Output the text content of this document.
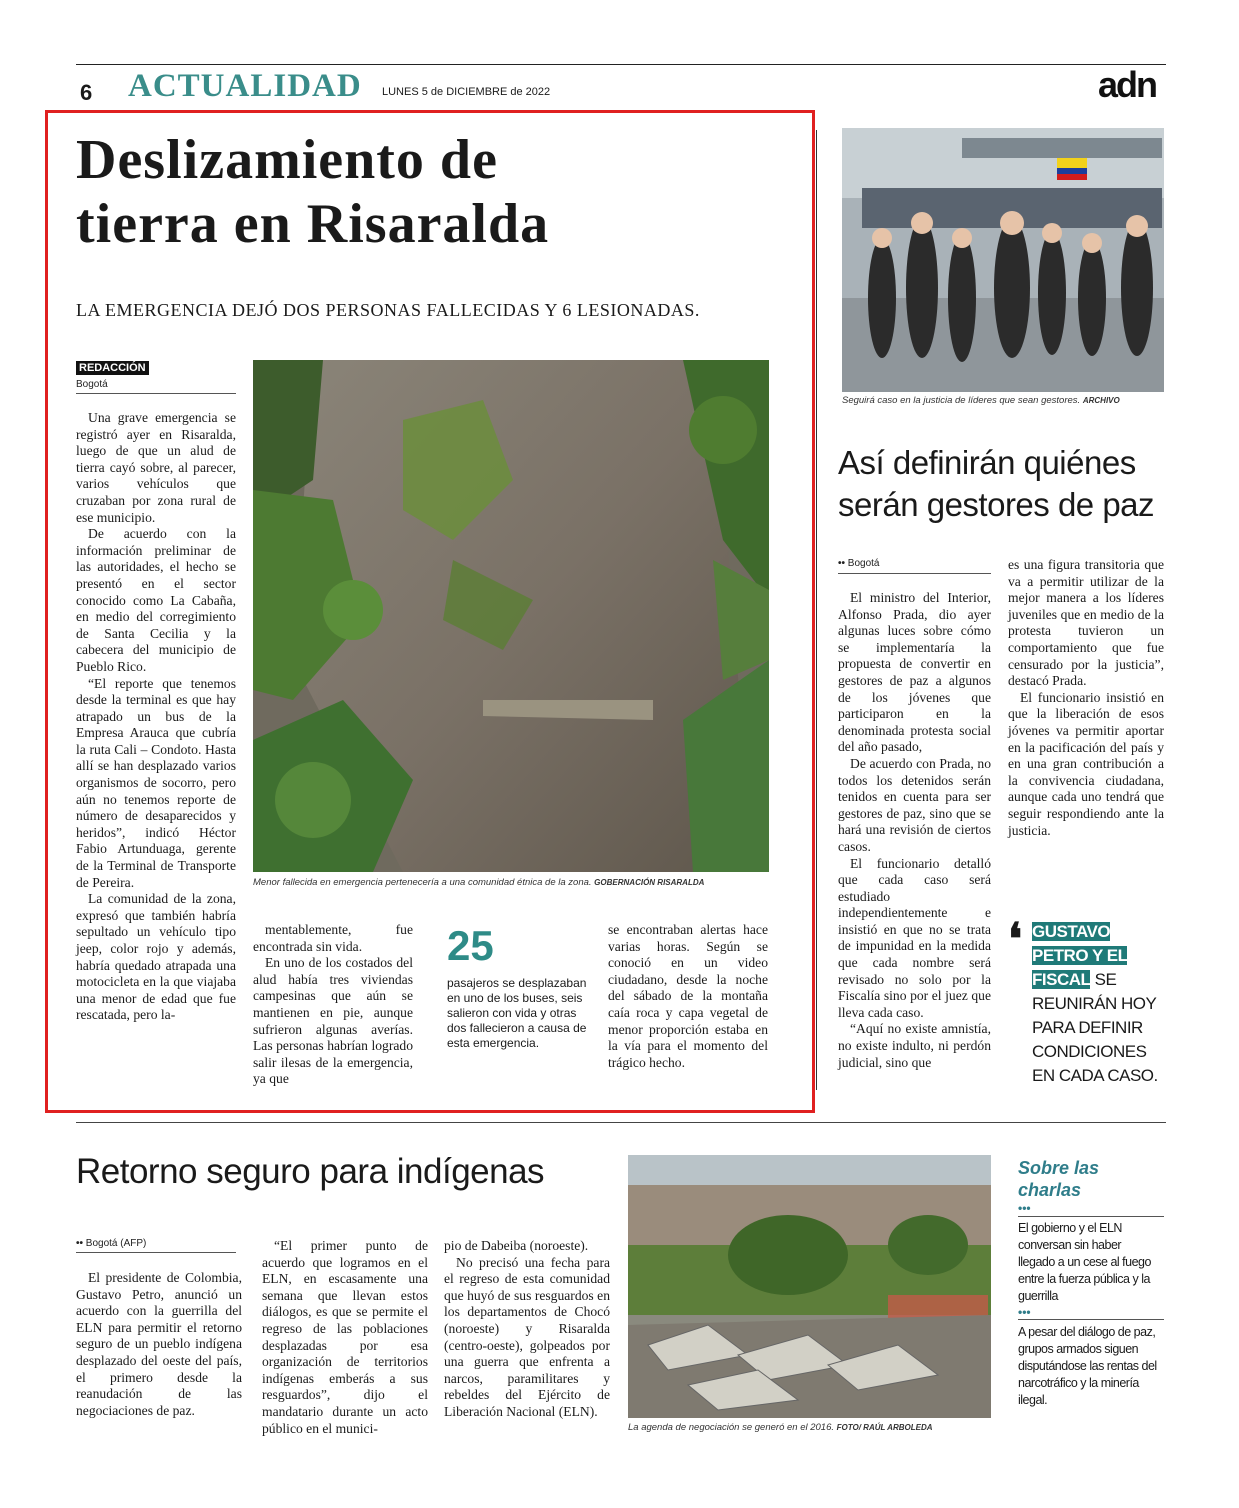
6 ACTUALIDAD LUNES 5 de DICIEMBRE de 2022	adn
Deslizamiento de
tierra en Risaralda
LA EMERGENCIA DEJÓ DOS PERSONAS FALLECIDAS Y 6 LESIONADAS.
REDACCIÓN
Bogotá

Una grave emergencia se registró ayer en Risaralda, luego de que un alud de tierra cayó sobre, al parecer, varios vehículos que cruzaban por zona rural de ese municipio.

De acuerdo con la información preliminar de las autoridades, el hecho se presentó en el sector conocido como La Cabaña, en medio del corregimiento de Santa Cecilia y la cabecera del municipio de Pueblo Rico.

“El reporte que tenemos desde la terminal es que hay atrapado un bus de la Empresa Arauca que cubría la ruta Cali – Condoto. Hasta allí se han desplazado varios organismos de socorro, pero aún no tenemos reporte de número de desaparecidos y heridos”, indicó Héctor Fabio Artunduaga, gerente de la Terminal de Transporte de Pereira.

La comunidad de la zona, expresó que también habría sepultado un vehículo tipo jeep, color rojo y además, habría quedado atrapada una motocicleta en la que viajaba una menor de edad que fue rescatada, pero la-

Menor fallecida en emergencia pertenecería a una comunidad étnica de la zona. GOBERNACIÓN RISARALDA

mentablemente, fue encontrada sin vida.

En uno de los costados del alud había tres viviendas campesinas que aún se mantienen en pie, aunque sufrieron algunas averías. Las personas habrían logrado salir ilesas de la emergencia, ya que

25
pasajeros se desplazaban en uno de los buses, seis salieron con vida y otras dos fallecieron a causa de esta emergencia.

se encontraban alertas hace varias horas. Según se conoció en un video ciudadano, desde la noche del sábado de la montaña caía roca y capa vegetal de menor proporción estaba en la vía para el momento del trágico hecho.

Seguirá caso en la justicia de líderes que sean gestores. ARCHIVO
Así definirán quiénes
serán gestores de paz
•• Bogotá

El ministro del Interior, Alfonso Prada, dio ayer algunas luces sobre cómo se implementaría la propuesta de convertir en gestores de paz a algunos de los jóvenes que participaron en la denominada protesta social del año pasado,

De acuerdo con Prada, no todos los detenidos serán tenidos en cuenta para ser gestores de paz, sino que se hará una revisión de ciertos casos.

El funcionario detalló que cada caso será estudiado independientemente e insistió en que no se trata de impunidad en la medida que cada nombre será revisado no solo por la Fiscalía sino por el juez que lleva cada caso.

“Aquí no existe amnistía, no existe indulto, ni perdón judicial, sino que

es una figura transitoria que va a permitir utilizar de la mejor manera a los líderes juveniles que en medio de la protesta tuvieron un comportamiento que fue censurado por la justicia”, destacó Prada.

El funcionario insistió en que la liberación de esos jóvenes va permitir aportar en la pacificación del país y en una gran contribución a la convivencia ciudadana, aunque cada uno tendrá que seguir respondiendo ante la justicia.

❛ GUSTAVO PETRO Y EL FISCAL SE REUNIRÁN HOY PARA DEFINIR CONDICIONES EN CADA CASO.
Retorno seguro para indígenas
•• Bogotá (AFP)

El presidente de Colombia, Gustavo Petro, anunció un acuerdo con la guerrilla del ELN para permitir el retorno seguro de un pueblo indígena desplazado del oeste del país, el primero desde la reanudación de las negociaciones de paz.

“El primer punto de acuerdo que logramos en el ELN, en escasamente una semana que llevan estos diálogos, es que se permite el regreso de las poblaciones desplazadas por esa organización de territorios indígenas emberás a sus resguardos”, dijo el mandatario durante un acto público en el munici-

pio de Dabeiba (noroeste).

No precisó una fecha para el regreso de esta comunidad que huyó de sus resguardos en los departamentos de Chocó (noroeste) y Risaralda (centro-oeste), golpeados por una guerra que enfrenta a narcos, paramilitares y rebeldes del Ejército de Liberación Nacional (ELN).

La agenda de negociación se generó en el 2016. FOTO/ RAÚL ARBOLEDA
Sobre las
charlas
•••
El gobierno y el ELN conversan sin haber llegado a un cese al fuego entre la fuerza pública y la guerrilla
•••
A pesar del diálogo de paz, grupos armados siguen disputándose las rentas del narcotráfico y la minería ilegal.
